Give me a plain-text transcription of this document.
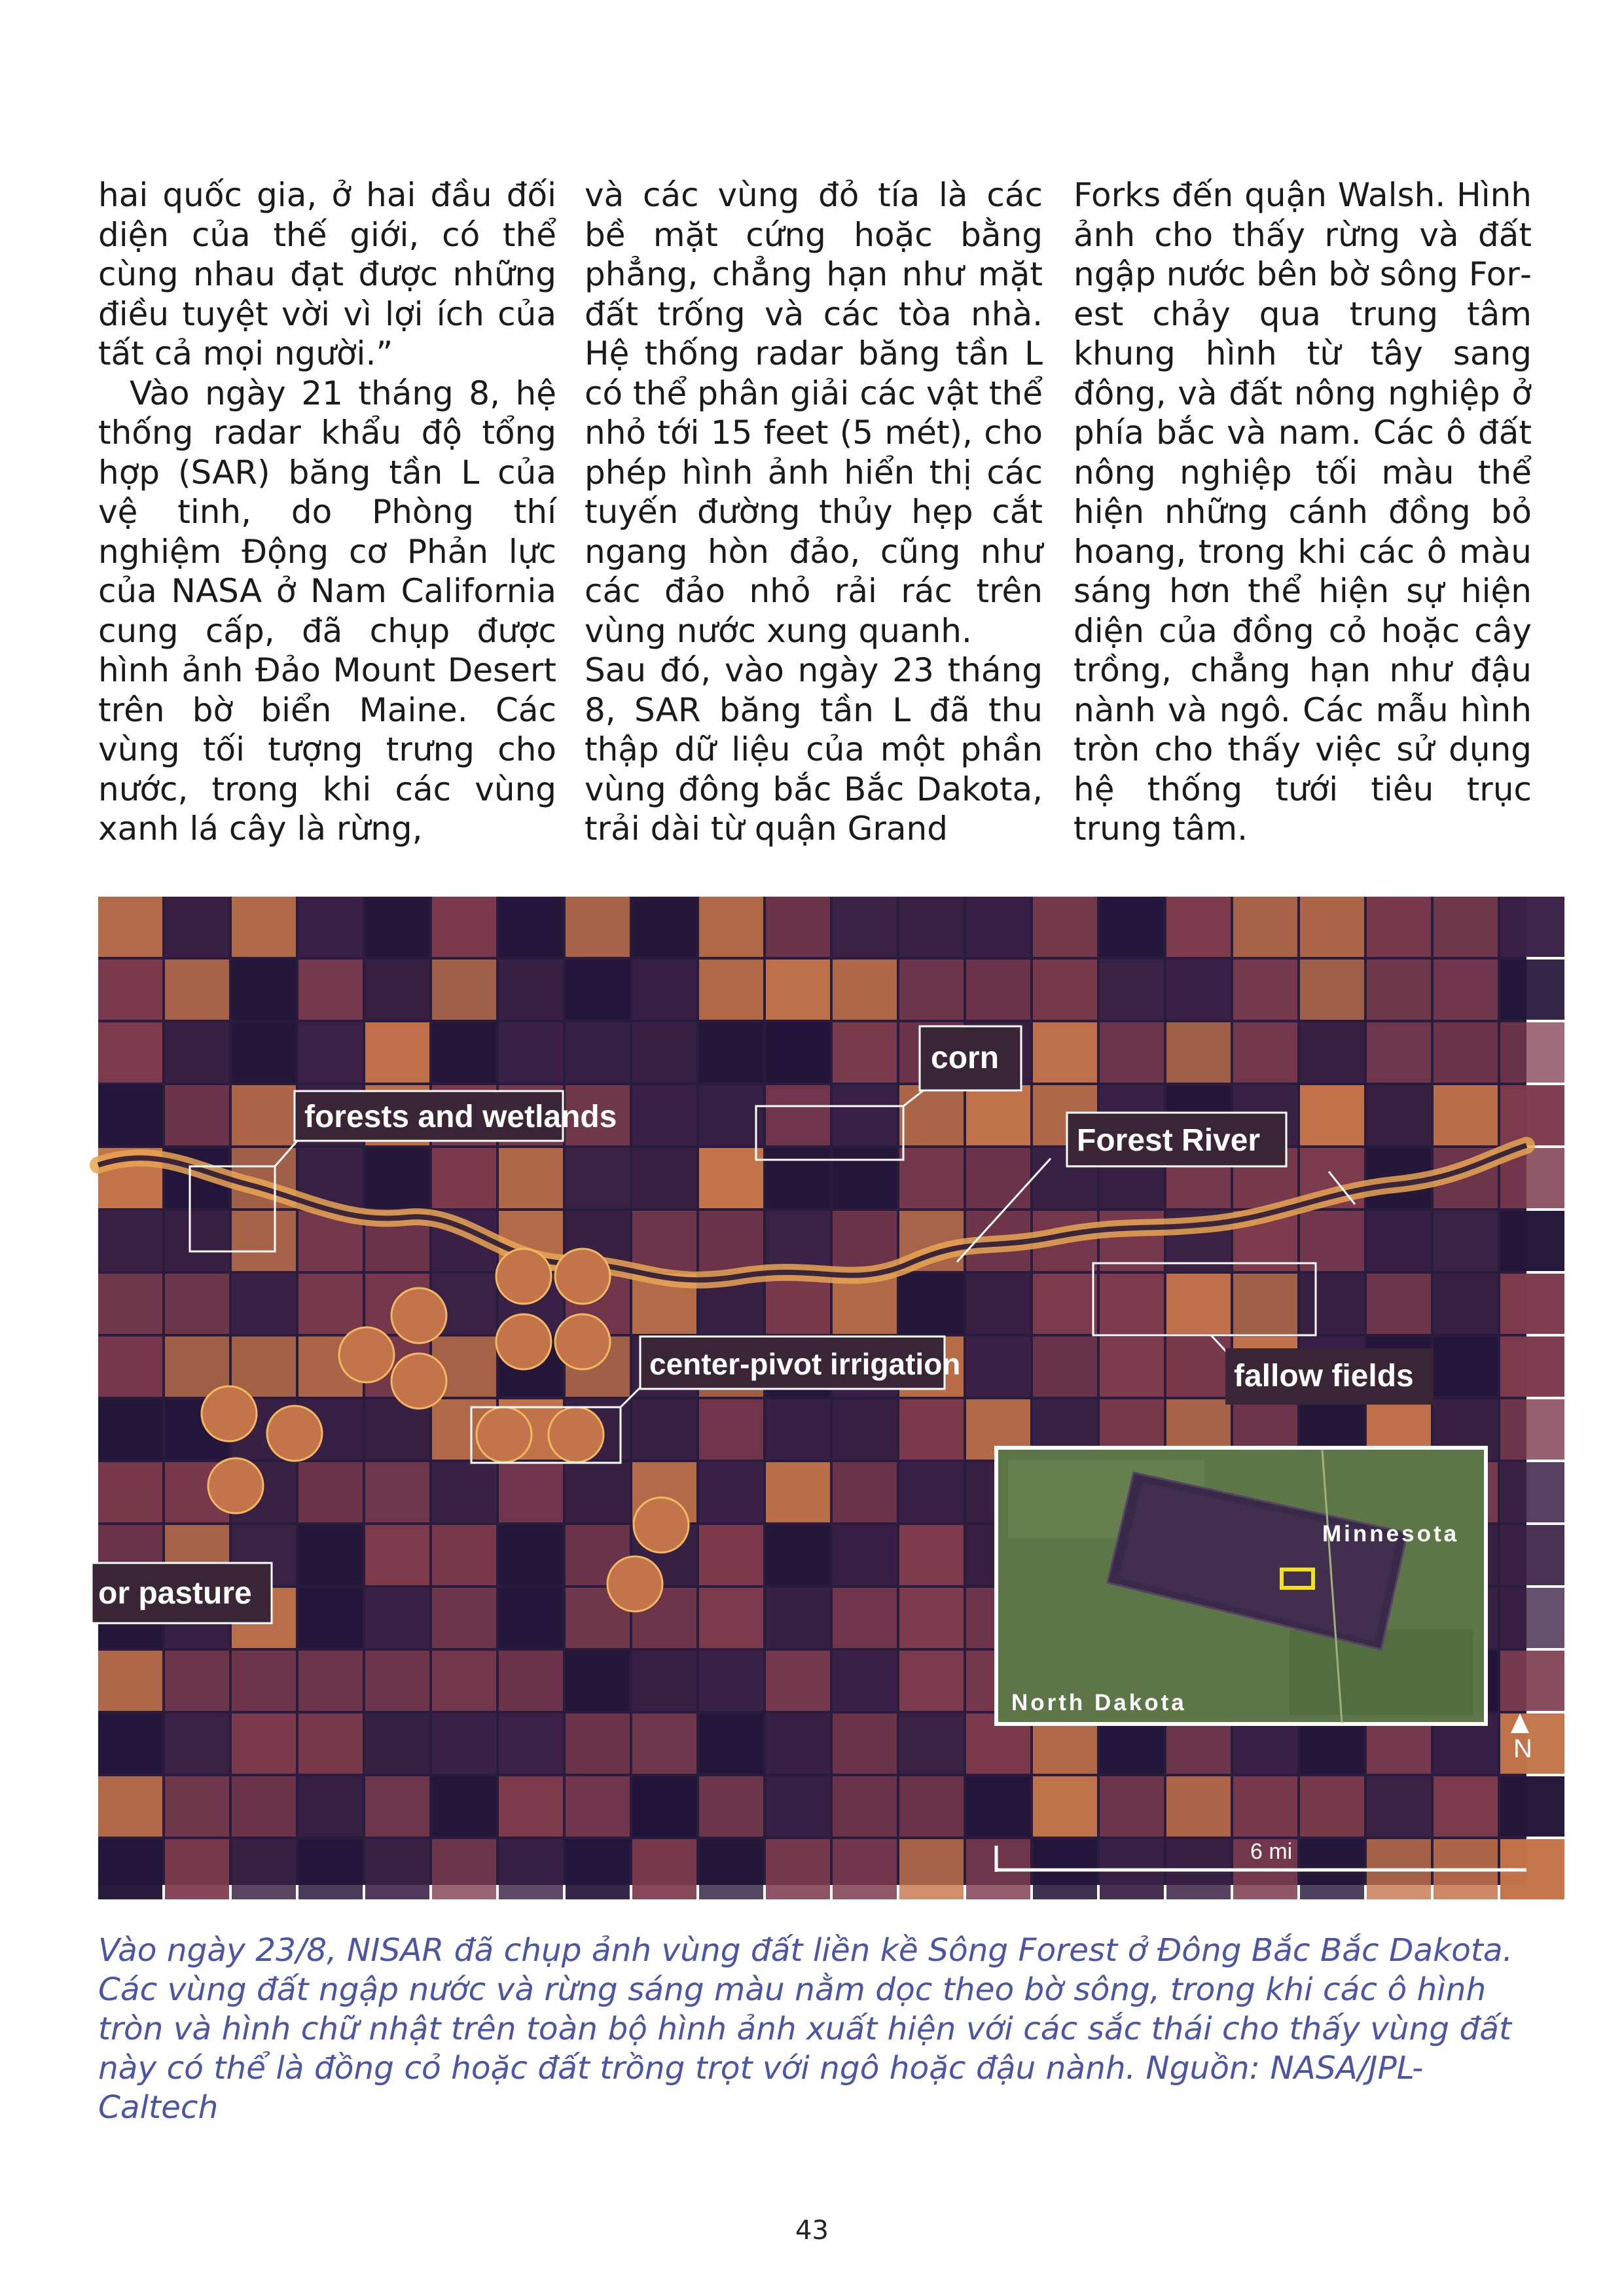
hai quốc gia, ở hai đầu đối diện của thế giới, có thể cùng nhau đạt được những điều tuyệt vời vì lợi ích của tất cả mọi người.”

Vào ngày 21 tháng 8, hệ thống radar khẩu độ tổng hợp (SAR) băng tần L của vệ tinh, do Phòng thí nghiệm Động cơ Phản lực của NASA ở Nam California cung cấp, đã chụp được hình ảnh Đảo Mount Desert trên bờ biển Maine. Các vùng tối tượng trưng cho nước, trong khi các vùng xanh lá cây là rừng,

và các vùng đỏ tía là các bề mặt cứng hoặc bằng phẳng, chẳng hạn như mặt đất trống và các tòa nhà. Hệ thống radar băng tần L có thể phân giải các vật thể nhỏ tới 15 feet (5 mét), cho phép hình ảnh hiển thị các tuyến đường thủy hẹp cắt ngang hòn đảo, cũng như các đảo nhỏ rải rác trên vùng nước xung quanh.

Sau đó, vào ngày 23 tháng 8, SAR băng tần L đã thu thập dữ liệu của một phần vùng đông bắc Bắc Dakota, trải dài từ quận Grand

Forks đến quận Walsh. Hình ảnh cho thấy rừng và đất ngập nước bên bờ sông Forest chảy qua trung tâm khung hình từ tây sang đông, và đất nông nghiệp ở phía bắc và nam. Các ô đất nông nghiệp tối màu thể hiện những cánh đồng bỏ hoang, trong khi các ô màu sáng hơn thể hiện sự hiện diện của đồng cỏ hoặc cây trồng, chẳng hạn như đậu nành và ngô. Các mẫu hình tròn cho thấy việc sử dụng hệ thống tưới tiêu trục trung tâm.

forests and wetlands
corn
Forest River
center-pivot irrigation	fallow fields
or pasture
Minnesota
North Dakota
N
6 mi

Vào ngày 23/8, NISAR đã chụp ảnh vùng đất liền kề Sông Forest ở Đông Bắc Bắc Dakota. Các vùng đất ngập nước và rừng sáng màu nằm dọc theo bờ sông, trong khi các ô hình tròn và hình chữ nhật trên toàn bộ hình ảnh xuất hiện với các sắc thái cho thấy vùng đất này có thể là đồng cỏ hoặc đất trồng trọt với ngô hoặc đậu nành. Nguồn: NASA/JPL-Caltech

43
